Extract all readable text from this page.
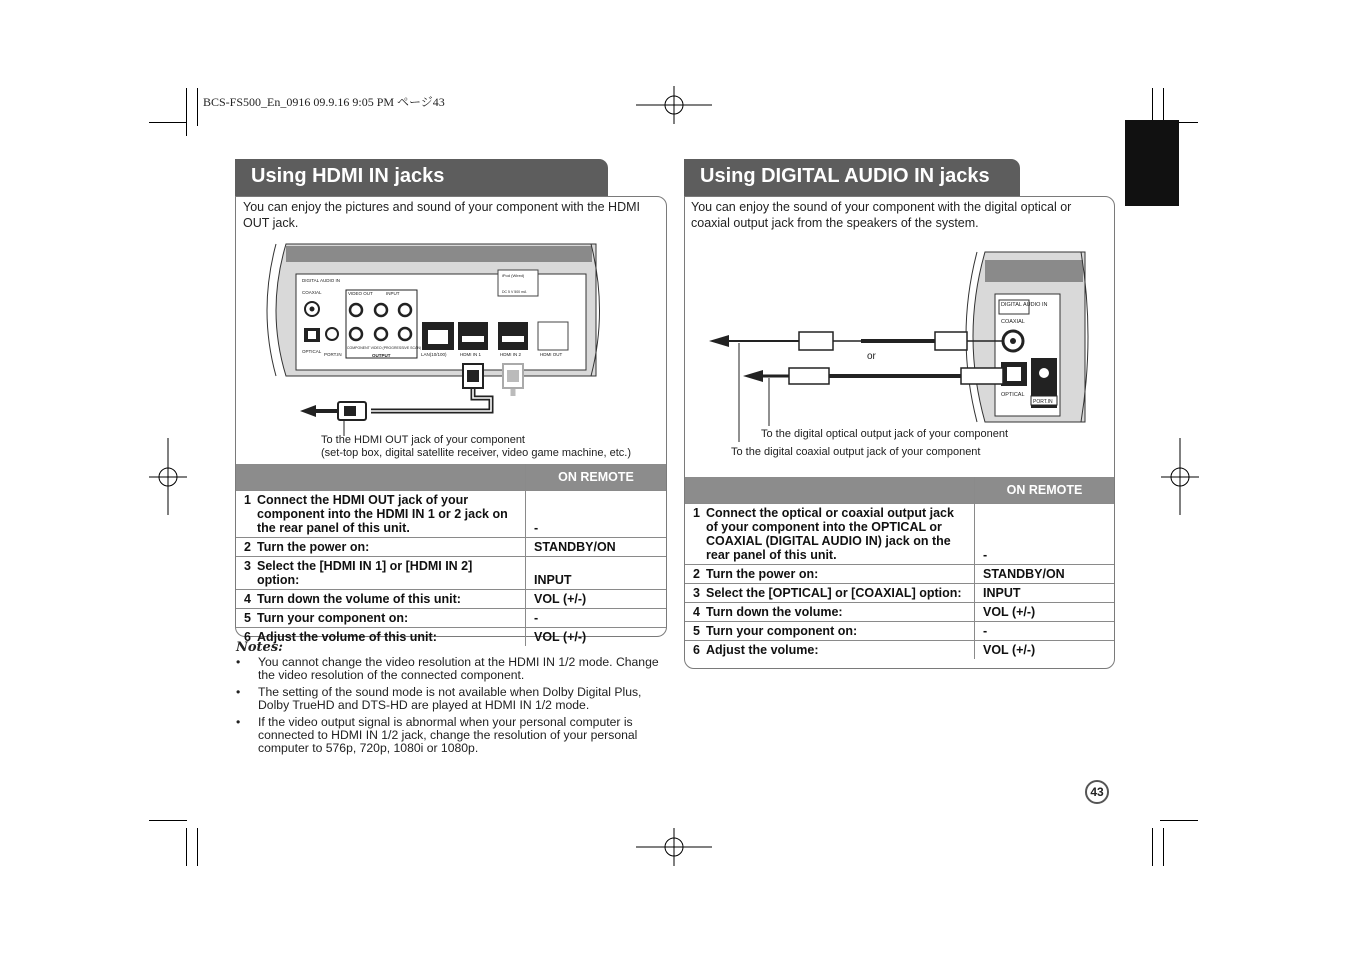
BCS-FS500_En_0916 09.9.16 9:05 PM ページ43
Using HDMI IN jacks
You can enjoy the pictures and sound of your component with the HDMI OUT jack.
DIGITAL AUDIO IN
COAXIAL
OPTICAL
PORT.IN
VIDEO OUT	INPUT
COMPONENT VIDEO (PROGRESSIVE SCAN)
OUTPUT	LAN(10/100)	HDMI IN 1	HDMI IN 2	HDMI OUT
iPod (Wired)
DC 5 V 500 mA
To the HDMI OUT jack of your component
(set-top box, digital satellite receiver, video game machine, etc.)
	ON REMOTE
1 Connect the HDMI OUT jack of your component into the HDMI IN 1 or 2 jack on the rear panel of this unit.	-
2 Turn the power on:	STANDBY/ON
3 Select the [HDMI IN 1] or [HDMI IN 2] option:	INPUT
4 Turn down the volume of this unit:	VOL (+/-)
5 Turn your component on:	-
6 Adjust the volume of this unit:	VOL (+/-)
Notes:
• You cannot change the video resolution at the HDMI IN 1/2 mode. Change the video resolution of the connected component.
• The setting of the sound mode is not available when Dolby Digital Plus, Dolby TrueHD and DTS-HD are played at HDMI IN 1/2 mode.
• If the video output signal is abnormal when your personal computer is connected to HDMI IN 1/2 jack, change the resolution of your personal computer to 576p, 720p, 1080i or 1080p.
Using DIGITAL AUDIO IN jacks
You can enjoy the sound of your component with the digital optical or coaxial output jack from the speakers of the system.
DIGITAL AUDIO IN
COAXIAL
OPTICAL
PORT.IN
or
To the digital optical output jack of your component
To the digital coaxial output jack of your component
	ON REMOTE
1 Connect the optical or coaxial output jack of your component into the OPTICAL or COAXIAL (DIGITAL AUDIO IN) jack on the rear panel of this unit.	-
2 Turn the power on:	STANDBY/ON
3 Select the [OPTICAL] or [COAXIAL] option:	INPUT
4 Turn down the volume:	VOL (+/-)
5 Turn your component on:	-
6 Adjust the volume:	VOL (+/-)
43
